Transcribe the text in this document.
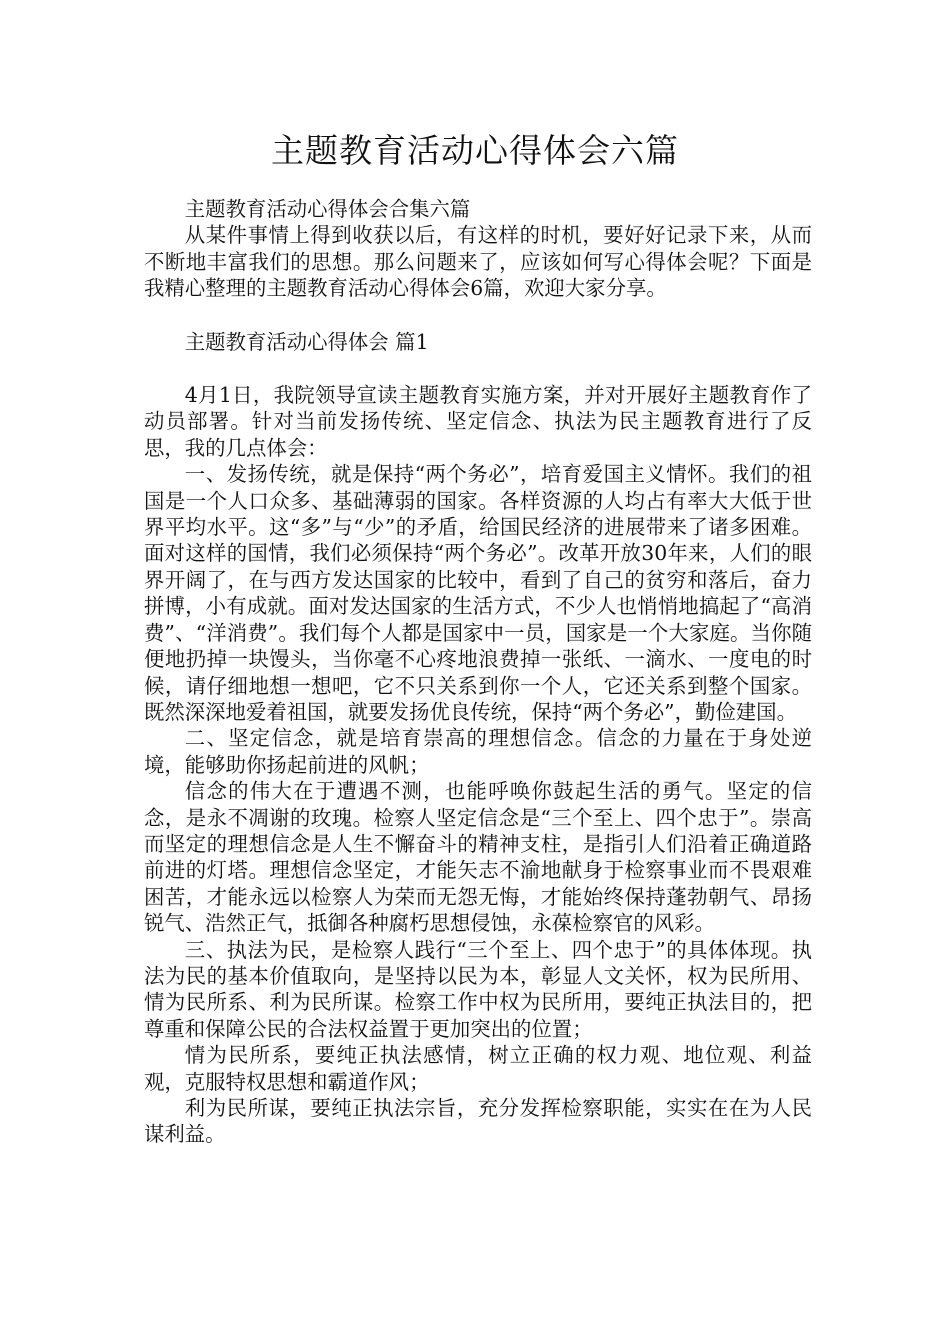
主题教育活动心得体会六篇

主题教育活动心得体会合集六篇

从某件事情上得到收获以后，有这样的时机，要好好记录下来，从而不断地丰富我们的思想。那么问题来了，应该如何写心得体会呢？下面是我精心整理的主题教育活动心得体会6篇，欢迎大家分享。

主题教育活动心得体会 篇1

4月1日，我院领导宣读主题教育实施方案，并对开展好主题教育作了动员部署。针对当前发扬传统、坚定信念、执法为民主题教育进行了反思，我的几点体会：

一、发扬传统，就是保持“两个务必”，培育爱国主义情怀。我们的祖国是一个人口众多、基础薄弱的国家。各样资源的人均占有率大大低于世界平均水平。这“多”与“少”的矛盾，给国民经济的进展带来了诸多困难。面对这样的国情，我们必须保持“两个务必”。改革开放30年来，人们的眼界开阔了，在与西方发达国家的比较中，看到了自己的贫穷和落后，奋力拼博，小有成就。面对发达国家的生活方式，不少人也悄悄地搞起了“高消费”、“洋消费”。我们每个人都是国家中一员，国家是一个大家庭。当你随便地扔掉一块馒头，当你毫不心疼地浪费掉一张纸、一滴水、一度电的时候，请仔细地想一想吧，它不只关系到你一个人，它还关系到整个国家。既然深深地爱着祖国，就要发扬优良传统，保持“两个务必”，勤俭建国。

二、坚定信念，就是培育崇高的理想信念。信念的力量在于身处逆境，能够助你扬起前进的风帆；

信念的伟大在于遭遇不测，也能呼唤你鼓起生活的勇气。坚定的信念，是永不凋谢的玫瑰。检察人坚定信念是“三个至上、四个忠于”。崇高而坚定的理想信念是人生不懈奋斗的精神支柱，是指引人们沿着正确道路前进的灯塔。理想信念坚定，才能矢志不渝地献身于检察事业而不畏艰难困苦，才能永远以检察人为荣而无怨无悔，才能始终保持蓬勃朝气、昂扬锐气、浩然正气，抵御各种腐朽思想侵蚀，永葆检察官的风彩。

三、执法为民，是检察人践行“三个至上、四个忠于”的具体体现。执法为民的基本价值取向，是坚持以民为本，彰显人文关怀，权为民所用、情为民所系、利为民所谋。检察工作中权为民所用，要纯正执法目的，把尊重和保障公民的合法权益置于更加突出的位置；

情为民所系，要纯正执法感情，树立正确的权力观、地位观、利益观，克服特权思想和霸道作风；

利为民所谋，要纯正执法宗旨，充分发挥检察职能，实实在在为人民谋利益。
